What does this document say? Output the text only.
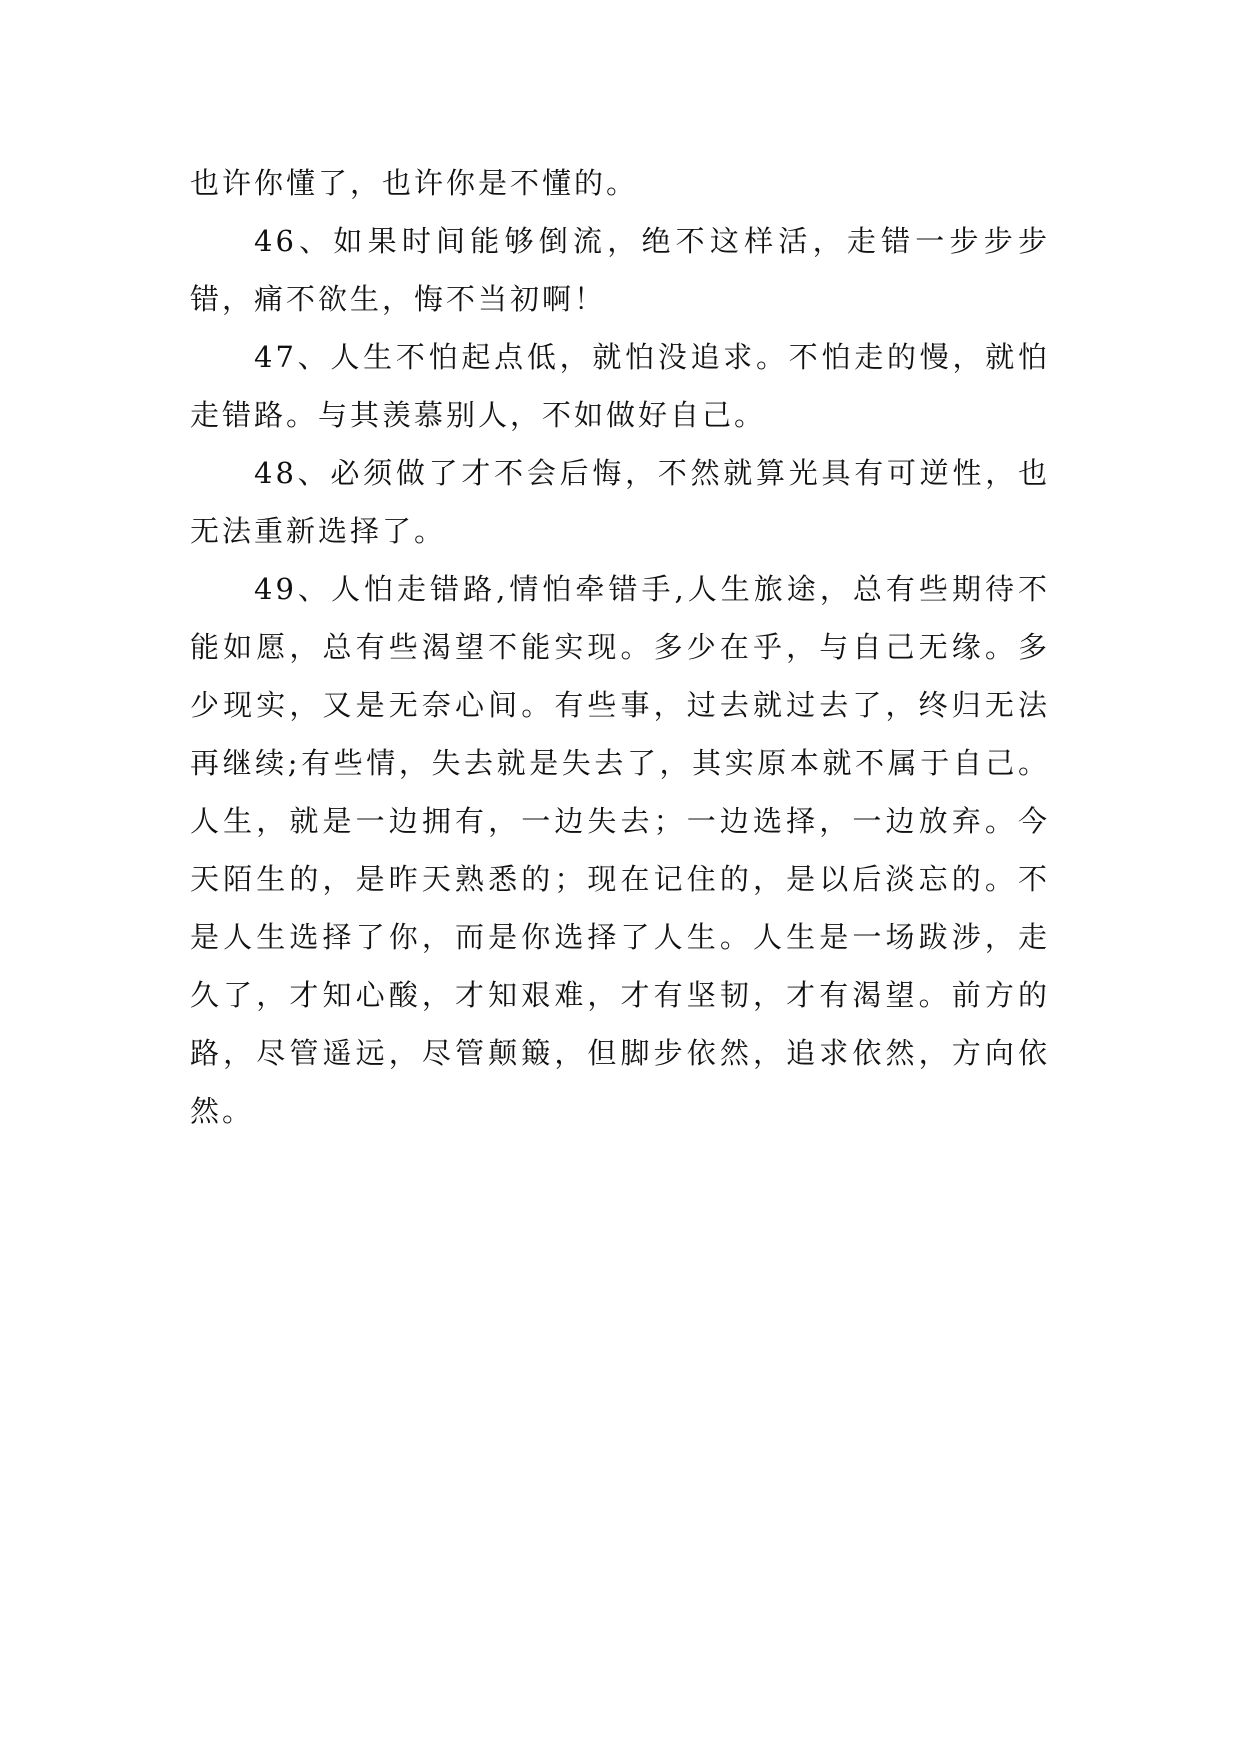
也许你懂了，也许你是不懂的。

46、如果时间能够倒流，绝不这样活，走错一步步步错，痛不欲生，悔不当初啊！

47、人生不怕起点低，就怕没追求。不怕走的慢，就怕走错路。与其羡慕别人，不如做好自己。

48、必须做了才不会后悔，不然就算光具有可逆性，也无法重新选择了。

49、人怕走错路,情怕牵错手,人生旅途，总有些期待不能如愿，总有些渴望不能实现。多少在乎，与自己无缘。多少现实，又是无奈心间。有些事，过去就过去了，终归无法再继续;有些情，失去就是失去了，其实原本就不属于自己。人生，就是一边拥有，一边失去；一边选择，一边放弃。今天陌生的，是昨天熟悉的；现在记住的，是以后淡忘的。不是人生选择了你，而是你选择了人生。人生是一场跋涉，走久了，才知心酸，才知艰难，才有坚韧，才有渴望。前方的路，尽管遥远，尽管颠簸，但脚步依然，追求依然，方向依然。
